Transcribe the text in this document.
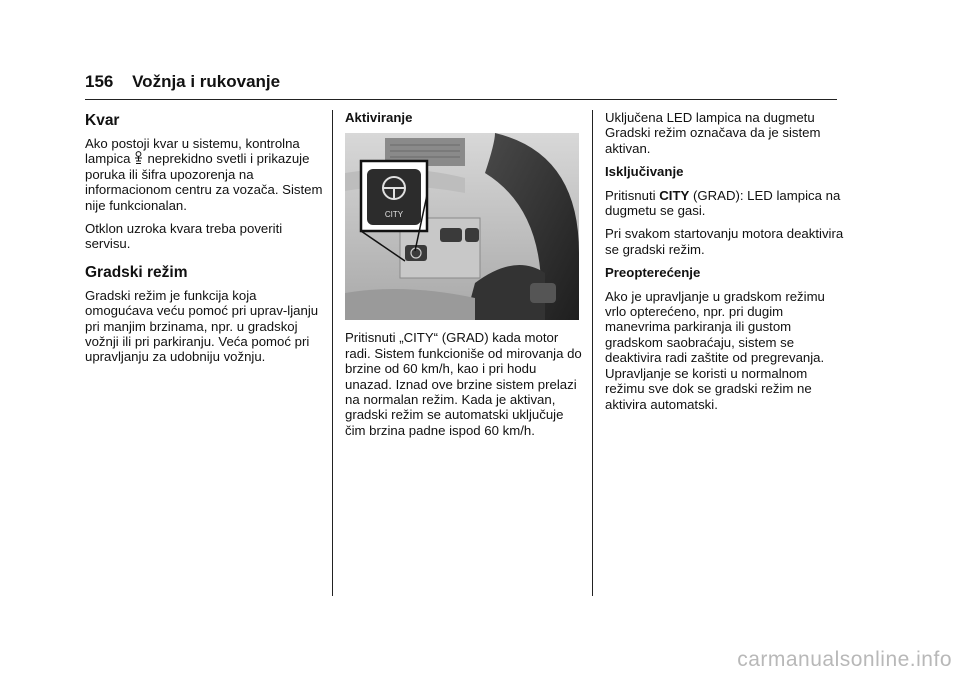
156 Vožnja i rukovanje
Kvar

Ako postoji kvar u sistemu, kontrolna lampica neprekidno svetli i prikazuje poruka ili šifra upozorenja na informacionom centru za vozača. Sistem nije funkcionalan.

Otklon uzroka kvara treba poveriti servisu.

Gradski režim

Gradski režim je funkcija koja omogućava veću pomoć pri uprav-ljanju pri manjim brzinama, npr. u gradskoj vožnji ili pri parkiranju. Veća pomoć pri upravljanju za udobniju vožnju.

Aktiviranje
CITY

Pritisnuti „CITY“ (GRAD) kada motor radi. Sistem funkcioniše od mirovanja do brzine od 60 km/h, kao i pri hodu unazad. Iznad ove brzine sistem prelazi na normalan režim. Kada je aktivan, gradski režim se automatski uključuje čim brzina padne ispod 60 km/h.

Uključena LED lampica na dugmetu Gradski režim označava da je sistem aktivan.

Isključivanje

Pritisnuti CITY (GRAD): LED lampica na dugmetu se gasi.

Pri svakom startovanju motora deaktivira se gradski režim.

Preopterećenje

Ako je upravljanje u gradskom režimu vrlo opterećeno, npr. pri dugim manevrima parkiranja ili gustom gradskom saobraćaju, sistem se deaktivira radi zaštite od pregrevanja. Upravljanje se koristi u normalnom režimu sve dok se gradski režim ne aktivira automatski.

carmanualsonline.info
